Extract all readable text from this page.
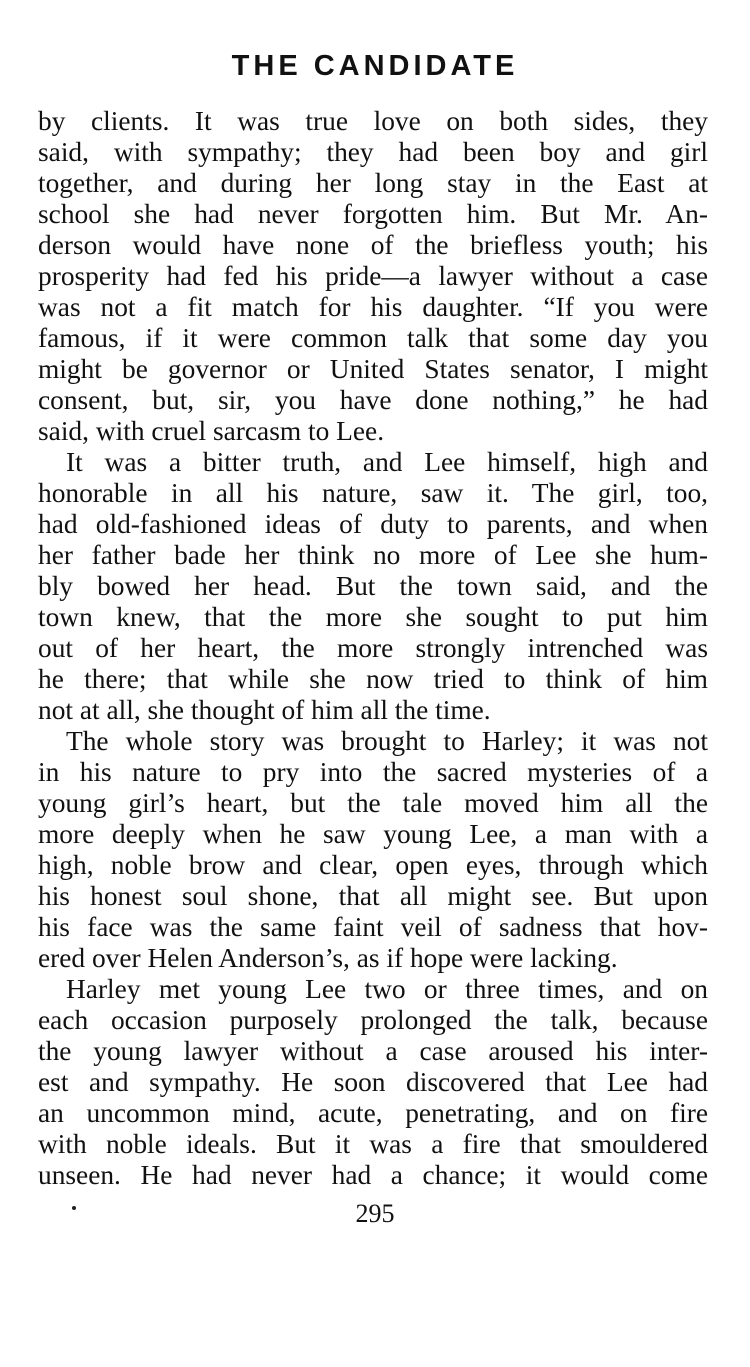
THE CANDIDATE
by clients. It was true love on both sides, they
said, with sympathy; they had been boy and girl
together, and during her long stay in the East at
school she had never forgotten him. But Mr. An-
derson would have none of the briefless youth; his
prosperity had fed his pride—a lawyer without a case
was not a fit match for his daughter. “If you were
famous, if it were common talk that some day you
might be governor or United States senator, I might
consent, but, sir, you have done nothing,” he had
said, with cruel sarcasm to Lee.
It was a bitter truth, and Lee himself, high and
honorable in all his nature, saw it. The girl, too,
had old-fashioned ideas of duty to parents, and when
her father bade her think no more of Lee she hum-
bly bowed her head. But the town said, and the
town knew, that the more she sought to put him
out of her heart, the more strongly intrenched was
he there; that while she now tried to think of him
not at all, she thought of him all the time.
The whole story was brought to Harley; it was not
in his nature to pry into the sacred mysteries of a
young girl’s heart, but the tale moved him all the
more deeply when he saw young Lee, a man with a
high, noble brow and clear, open eyes, through which
his honest soul shone, that all might see. But upon
his face was the same faint veil of sadness that hov-
ered over Helen Anderson’s, as if hope were lacking.
Harley met young Lee two or three times, and on
each occasion purposely prolonged the talk, because
the young lawyer without a case aroused his inter-
est and sympathy. He soon discovered that Lee had
an uncommon mind, acute, penetrating, and on fire
with noble ideals. But it was a fire that smouldered
unseen. He had never had a chance; it would come
295
